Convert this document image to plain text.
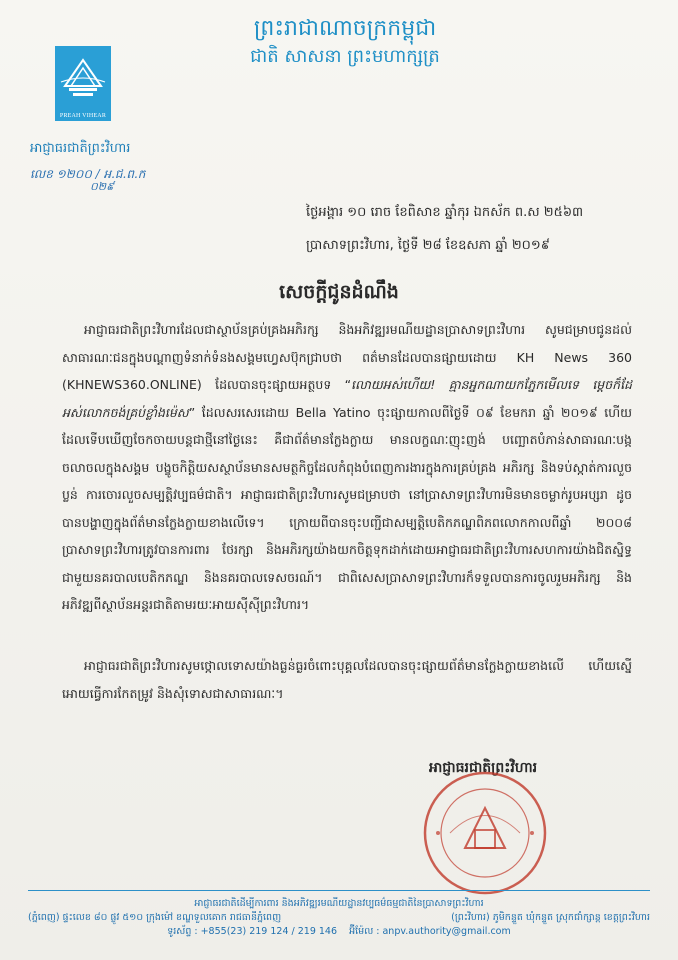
ព្រះរាជាណាចក្រកម្ពុជា
ជាតិ សាសនា ព្រះមហាក្សត្រ
PREAH VIHEAR
អាជ្ញាធរជាតិព្រះវិហារ
លេខ ១២០០ / អ.ជ.ព.ក
០២៩
ថ្ងៃអង្គារ ១០ រោច ខែពិសាខ ឆ្នាំកុរ ឯកស័ក ព.ស ២៥៦៣
ប្រាសាទព្រះវិហារ, ថ្ងៃទី ២៨ ខែឧសភា ឆ្នាំ ២០១៩
សេចក្តីជូនដំណឹង
អាជ្ញាធរជាតិព្រះវិហារដែលជាស្ថាប័នគ្រប់គ្រងអភិរក្ស និងអភិវឌ្ឍរមណីយដ្ឋានប្រាសាទព្រះវិហារ សូមជម្រាបជូនដល់សាធារណៈជនក្នុងបណ្តាញទំនាក់ទំនងសង្គមហ្វេសប៊ុកជ្រាបថា ពត៌មានដែលបានផ្សាយដោយ KH News 360 (KHNEWS360.ONLINE) ដែលបានចុះផ្សាយអត្ថបទ “លោយអស់ហើយ! គ្មានអ្នកណាយកភ្នែកមើលទេ ម្តេចក៏ដែអស់លោកចង់គ្រប់ខ្លាំងម៉េស” ដែលសរសេរដោយ Bella Yatino ចុះផ្សាយកាលពីថ្ងៃទី ០៩ ខែមករា ឆ្នាំ ២០១៩ ហើយដែលទើបឃើញចែកចាយបន្តជាថ្មីនៅថ្ងៃនេះ គឺជាព័ត៌មានក្លែងក្លាយ មានលក្ខណៈញុះញង់ បញ្ឆោតបំភាន់សាធារណៈបង្កចលាចលក្នុងសង្គម បង្ខូចកិត្តិយសស្ថាប័នមានសមត្ថកិច្ចដែលកំពុងបំពេញការងារក្នុងការគ្រប់គ្រង អភិរក្ស និងទប់ស្កាត់ការលួចប្លន់ ការចោរលួចសម្បត្តិវប្បធម៌ជាតិ។ អាជ្ញាធរជាតិព្រះវិហារសូមជម្រាបថា នៅប្រាសាទព្រះវិហារមិនមានចម្លាក់រូបអប្សរា ដូចបានបង្ហាញក្នុងព័ត៌មានក្លែងក្លាយខាងលើទេ។ ក្រោយពីបានចុះបញ្ជីជាសម្បត្តិបេតិកភណ្ឌពិភពលោកកាលពីឆ្នាំ ២០០៨ ប្រាសាទព្រះវិហារត្រូវបានការពារ ថែរក្សា និងអភិរក្សយ៉ាងយកចិត្តទុកដាក់ដោយអាជ្ញាធរជាតិព្រះវិហារសហការយ៉ាងជិតស្និទ្ធជាមួយនគរបាលបេតិកភណ្ឌ និងនគរបាលទេសចរណ៍។ ជាពិសេសប្រាសាទព្រះវិហារក៏ទទួលបានការចូលរួមអភិរក្ស និងអភិវឌ្ឍពីស្ថាប័នអន្តរជាតិតាមរយៈអាយស៊ីស៊ីព្រះវិហារ។
អាជ្ញាធរជាតិព្រះវិហារសូមថ្កោលទោសយ៉ាងធ្ងន់ធ្ងរចំពោះបុគ្គលដែលបានចុះផ្សាយព័ត៌មានក្លែងក្លាយខាងលើ ហើយស្នើអោយធ្វើការកែតម្រូវ និងសុំទោសជាសាធារណៈ។
អាជ្ញាធរជាតិព្រះវិហារ
អាជ្ញាធរជាតិដើម្បីការពារ និងអភិវឌ្ឍរមណីយដ្ឋានវប្បធម៌ធម្មជាតិនៃប្រាសាទព្រះវិហារ
(ភ្នំពេញ) ផ្ទះលេខ ៨០ ផ្លូវ ៥១០ ក្រុងម៉ៅ ខណ្ឌទួលគោក រាជធានីភ្នំពេញ	(ព្រះវិហារ) ភូមិកន្ទួត ឃុំកន្ទួត ស្រុកជាំក្សាន្ត ខេត្តព្រះវិហារ
ទូរស័ព្ទ : +855(23) 219 124 / 219 146 អ៊ីម៉ែល : anpv.authority@gmail.com
